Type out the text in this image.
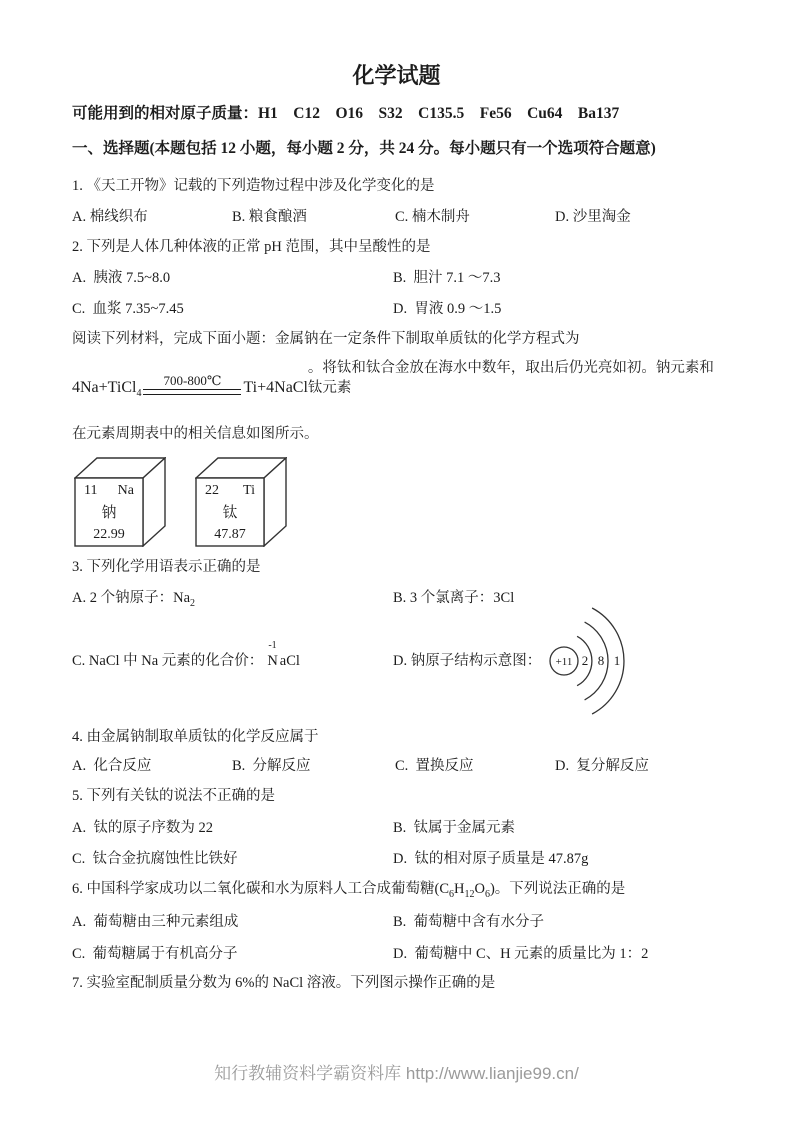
化学试题
可能用到的相对原子质量：H1　C12　O16　S32　C135.5　Fe56　Cu64　Ba137
一、选择题(本题包括 12 小题，每小题 2 分，共 24 分。每小题只有一个选项符合题意)
1. 《天工开物》记载的下列造物过程中涉及化学变化的是
A. 棉线织布	B. 粮食酿酒	C. 楠木制舟	D. 沙里淘金
2. 下列是人体几种体液的正常 pH 范围，其中呈酸性的是
A.  胰液 7.5~8.0	B.  胆汁 7.1 ～7.3
C.  血浆 7.35~7.45	D.  胃液 0.9 ～1.5
阅读下列材料，完成下面小题：金属钠在一定条件下制取单质钛的化学方程式为
4Na+TiCl$_4$
700-800℃ Ti+4NaCl
。将钛和钛合金放在海水中数年，取出后仍光亮如初。钠元素和钛元素
在元素周期表中的相关信息如图所示。
11 Na
钠
22.99
22 Ti
钛
47.87
3. 下列化学用语表示正确的是
A. 2 个钠原子：$Na_2$	B. 3 个氯离子：3Cl
C. NaCl 中 Na 元素的化合价：
-1
N aCl	D. 钠原子结构示意图： +11 2 8 1
4. 由金属钠制取单质钛的化学反应属于
A.  化合反应	B.  分解反应	C.  置换反应	D.  复分解反应
5. 下列有关钛的说法不正确的是
A.  钛的原子序数为 22	B.  钛属于金属元素
C.  钛合金抗腐蚀性比铁好	D.  钛的相对原子质量是 47.87g
6. 中国科学家成功以二氧化碳和水为原料人工合成葡萄糖$(C_6H_{12}O_6)$。下列说法正确的是
A.  葡萄糖由三种元素组成	B.  葡萄糖中含有水分子
C.  葡萄糖属于有机高分子	D.  葡萄糖中 C、H 元素的质量比为 1：2
7. 实验室配制质量分数为 6%的 NaCl 溶液。下列图示操作正确的是
知行教辅资料学霸资料库 http://www.lianjie99.cn/
